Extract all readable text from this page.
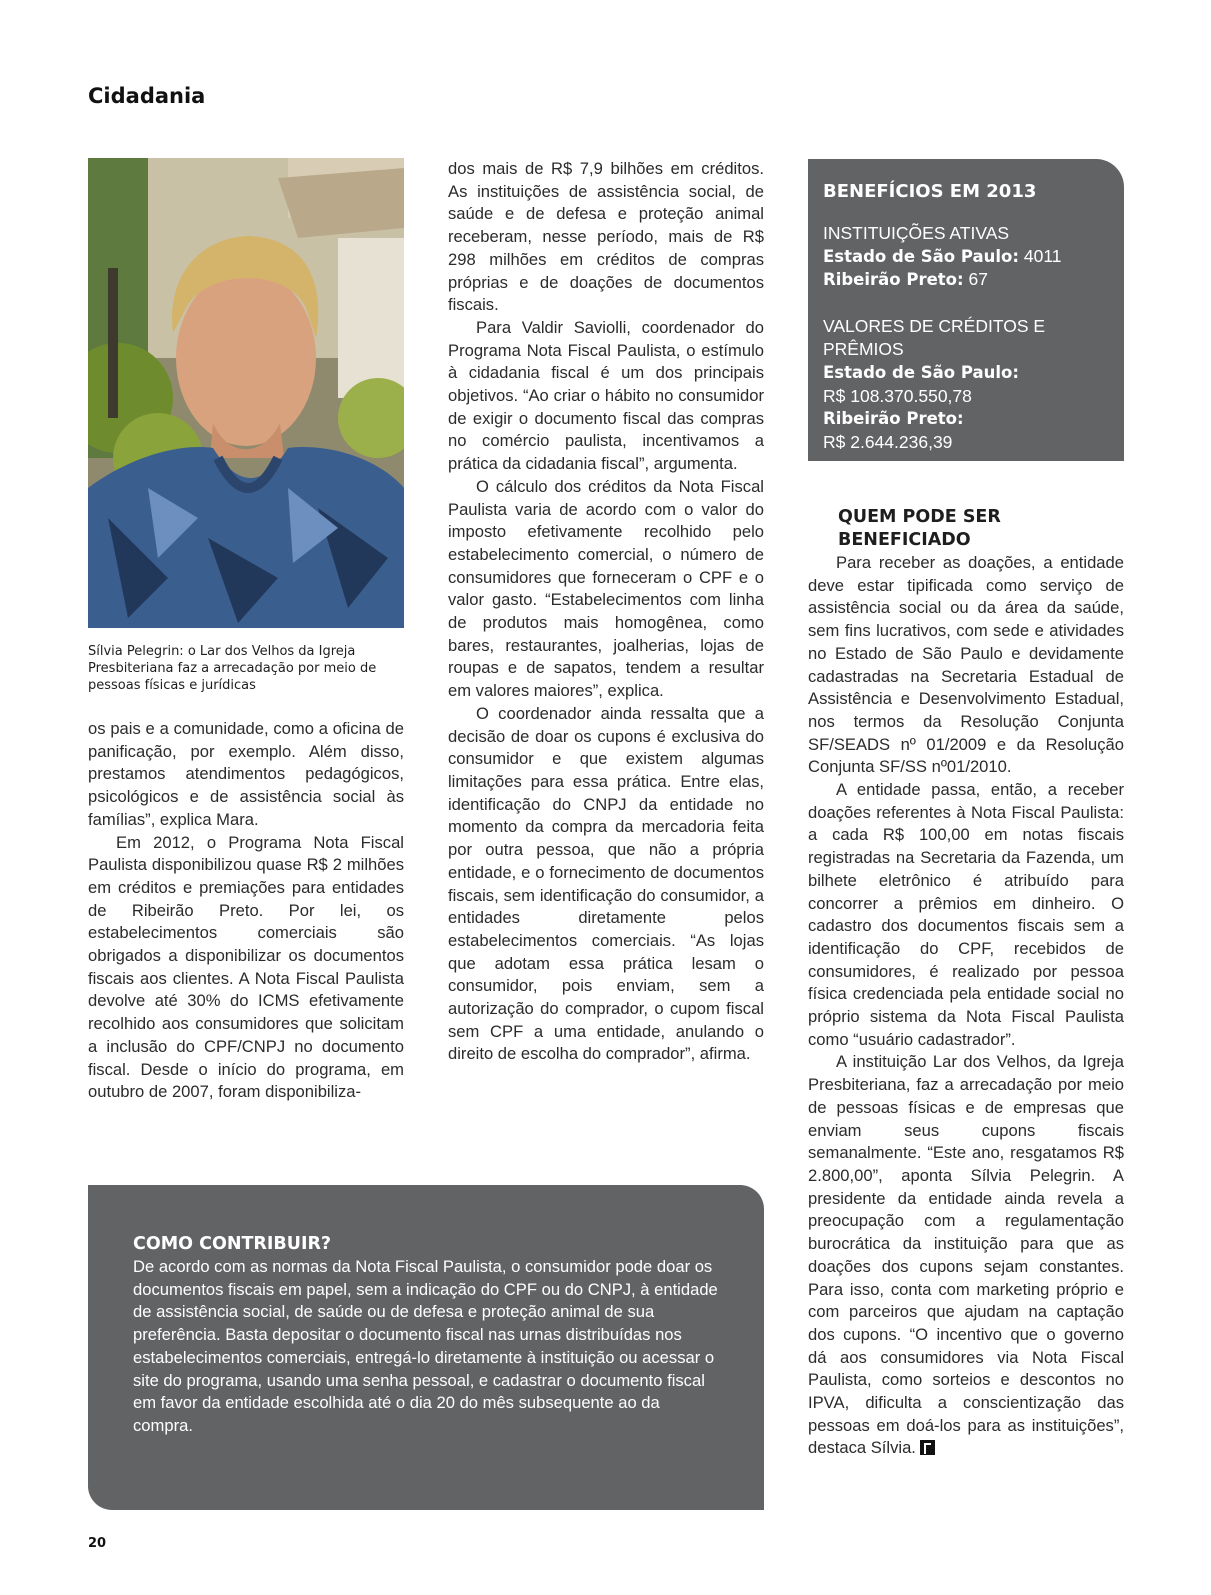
Cidadania
Sílvia Pelegrin: o Lar dos Velhos da Igreja Presbiteriana faz a arrecadação por meio de pessoas físicas e jurídicas

os pais e a comunidade, como a oficina de panificação, por exemplo. Além disso, prestamos atendimentos pedagógicos, psicológicos e de assistência social às famílias”, explica Mara.

Em 2012, o Programa Nota Fiscal Paulista disponibilizou quase R$ 2 milhões em créditos e premiações para entidades de Ribeirão Preto. Por lei, os estabelecimentos comerciais são obrigados a disponibilizar os documentos fiscais aos clientes. A Nota Fiscal Paulista devolve até 30% do ICMS efetivamente recolhido aos consumidores que solicitam a inclusão do CPF/CNPJ no documento fiscal. Desde o início do programa, em outubro de 2007, foram disponibiliza-

dos mais de R$ 7,9 bilhões em créditos. As instituições de assistência social, de saúde e de defesa e proteção animal receberam, nesse período, mais de R$ 298 milhões em créditos de compras próprias e de doações de documentos fiscais.

Para Valdir Saviolli, coordenador do Programa Nota Fiscal Paulista, o estímulo à cidadania fiscal é um dos principais objetivos. “Ao criar o hábito no consumidor de exigir o documento fiscal das compras no comércio paulista, incentivamos a prática da cidadania fiscal”, argumenta.

O cálculo dos créditos da Nota Fiscal Paulista varia de acordo com o valor do imposto efetivamente recolhido pelo estabelecimento comercial, o número de consumidores que forneceram o CPF e o valor gasto. “Estabelecimentos com linha de produtos mais homogênea, como bares, restaurantes, joalherias, lojas de roupas e de sapatos, tendem a resultar em valores maiores”, explica.

O coordenador ainda ressalta que a decisão de doar os cupons é exclusiva do consumidor e que existem algumas limitações para essa prática. Entre elas, identificação do CNPJ da entidade no momento da compra da mercadoria feita por outra pessoa, que não a própria entidade, e o fornecimento de documentos fiscais, sem identificação do consumidor, a entidades diretamente pelos estabelecimentos comerciais. “As lojas que adotam essa prática lesam o consumidor, pois enviam, sem a autorização do comprador, o cupom fiscal sem CPF a uma entidade, anulando o direito de escolha do comprador”, afirma.

BENEFÍCIOS EM 2013
INSTITUIÇÕES ATIVAS
Estado de São Paulo: 4011
Ribeirão Preto: 67
VALORES DE CRÉDITOS E PRÊMIOS
Estado de São Paulo:
R$ 108.370.550,78
Ribeirão Preto:
R$ 2.644.236,39
QUEM PODE SER BENEFICIADO

Para receber as doações, a entidade deve estar tipificada como serviço de assistência social ou da área da saúde, sem fins lucrativos, com sede e atividades no Estado de São Paulo e devidamente cadastradas na Secretaria Estadual de Assistência e Desenvolvimento Estadual, nos termos da Resolução Conjunta SF/SEADS nº 01/2009 e da Resolução Conjunta SF/SS nº01/2010.

A entidade passa, então, a receber doações referentes à Nota Fiscal Paulista: a cada R$ 100,00 em notas fiscais registradas na Secretaria da Fazenda, um bilhete eletrônico é atribuído para concorrer a prêmios em dinheiro. O cadastro dos documentos fiscais sem a identificação do CPF, recebidos de consumidores, é realizado por pessoa física credenciada pela entidade social no próprio sistema da Nota Fiscal Paulista como “usuário cadastrador”.

A instituição Lar dos Velhos, da Igreja Presbiteriana, faz a arrecadação por meio de pessoas físicas e de empresas que enviam seus cupons fiscais semanalmente. “Este ano, resgatamos R$ 2.800,00”, aponta Sílvia Pelegrin. A presidente da entidade ainda revela a preocupação com a regulamentação burocrática da instituição para que as doações dos cupons sejam constantes. Para isso, conta com marketing próprio e com parceiros que ajudam na captação dos cupons. “O incentivo que o governo dá aos consumidores via Nota Fiscal Paulista, como sorteios e descontos no IPVA, dificulta a conscientização das pessoas em doá-los para as instituições”, destaca Sílvia.

COMO CONTRIBUIR?
De acordo com as normas da Nota Fiscal Paulista, o consumidor pode doar os documentos fiscais em papel, sem a indicação do CPF ou do CNPJ, à entidade de assistência social, de saúde ou de defesa e proteção animal de sua preferência. Basta depositar o documento fiscal nas urnas distribuídas nos estabelecimentos comerciais, entregá-lo diretamente à instituição ou acessar o site do programa, usando uma senha pessoal, e cadastrar o documento fiscal em favor da entidade escolhida até o dia 20 do mês subsequente ao da compra.
20
